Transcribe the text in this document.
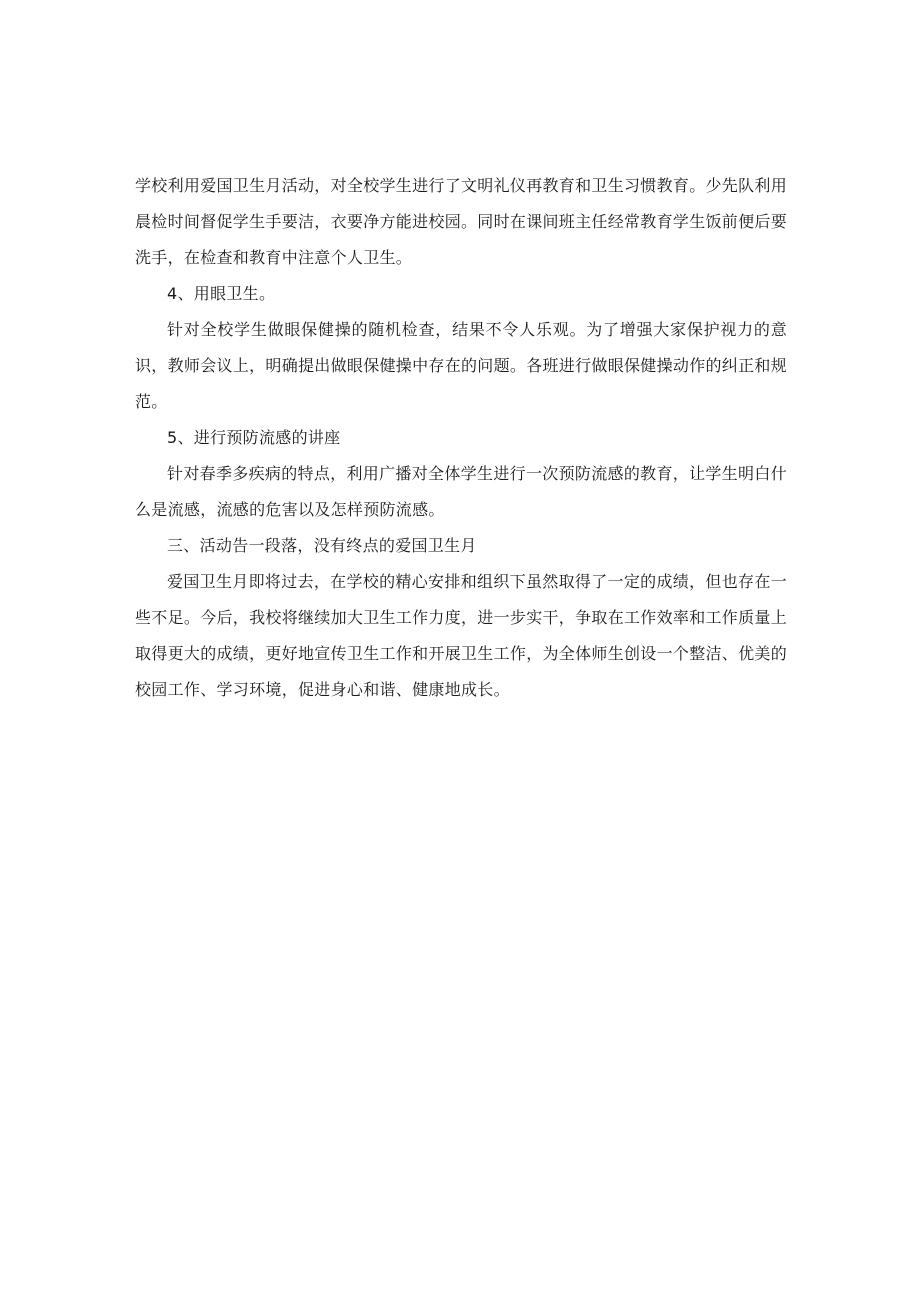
学校利用爱国卫生月活动，对全校学生进行了文明礼仪再教育和卫生习惯教育。少先队利用晨检时间督促学生手要洁，衣要净方能进校园。同时在课间班主任经常教育学生饭前便后要洗手，在检查和教育中注意个人卫生。

4、用眼卫生。

针对全校学生做眼保健操的随机检查，结果不令人乐观。为了增强大家保护视力的意识，教师会议上，明确提出做眼保健操中存在的问题。各班进行做眼保健操动作的纠正和规范。

5、进行预防流感的讲座

针对春季多疾病的特点，利用广播对全体学生进行一次预防流感的教育，让学生明白什么是流感，流感的危害以及怎样预防流感。

三、活动告一段落，没有终点的爱国卫生月

爱国卫生月即将过去，在学校的精心安排和组织下虽然取得了一定的成绩，但也存在一些不足。今后，我校将继续加大卫生工作力度，进一步实干，争取在工作效率和工作质量上取得更大的成绩，更好地宣传卫生工作和开展卫生工作，为全体师生创设一个整洁、优美的校园工作、学习环境，促进身心和谐、健康地成长。
